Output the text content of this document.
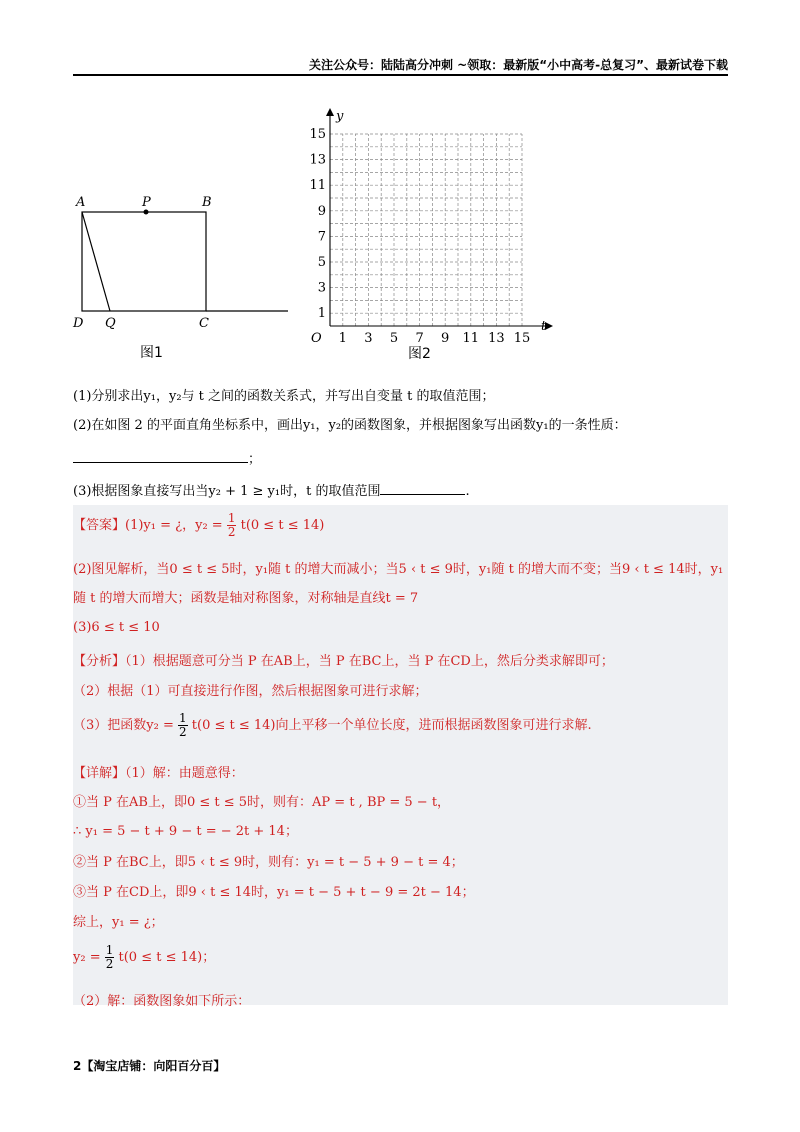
关注公众号：陆陆高分冲刺 ~领取：最新版“小中高考-总复习”、最新试卷下载
A	P	B
D Q	C
图1
y
t
O
15
13
11
9
7
5
3
1
1 3 5 7 9 11 13 15
图2
(1)分别求出y₁，y₂与 t 之间的函数关系式，并写出自变量 t 的取值范围；
(2)在如图 2 的平面直角坐标系中，画出y₁，y₂的函数图象，并根据图象写出函数y₁的一条性质：
；
(3)根据图象直接写出当y₂ + 1 ≥ y₁时，t 的取值范围	.
【答案】(1)y₁ = ¿，$y_2 = \frac{1}{2} t(0 \le t \le 14)$
(2)图见解析，当0 ≤ t ≤ 5时，y₁随 t 的增大而减小；当5 ‹ t ≤ 9时，y₁随 t 的增大而不变；当9 ‹ t ≤ 14时，y₁
随 t 的增大而增大；函数是轴对称图象，对称轴是直线t = 7
(3)6 ≤ t ≤ 10
【分析】（1）根据题意可分当 P 在AB上，当 P 在BC上，当 P 在CD上，然后分类求解即可；
（2）根据（1）可直接进行作图，然后根据图象可进行求解；
（3）把函数$y_2 = \frac{1}{2} t(0 \le t \le 14)$向上平移一个单位长度，进而根据函数图象可进行求解.
【详解】（1）解：由题意得：
①当 P 在AB上，即0 ≤ t ≤ 5时，则有：AP = t , BP = 5 − t，
∴ y₁ = 5 − t + 9 − t = − 2t + 14；
②当 P 在BC上，即5 ‹ t ≤ 9时，则有：y₁ = t − 5 + 9 − t = 4；
③当 P 在CD上，即9 ‹ t ≤ 14时，y₁ = t − 5 + t − 9 = 2t − 14；
综上，y₁ = ¿；
$y_2 = \frac{1}{2} t(0 \le t \le 14)$；
（2）解：函数图象如下所示：
2【淘宝店铺：向阳百分百】
